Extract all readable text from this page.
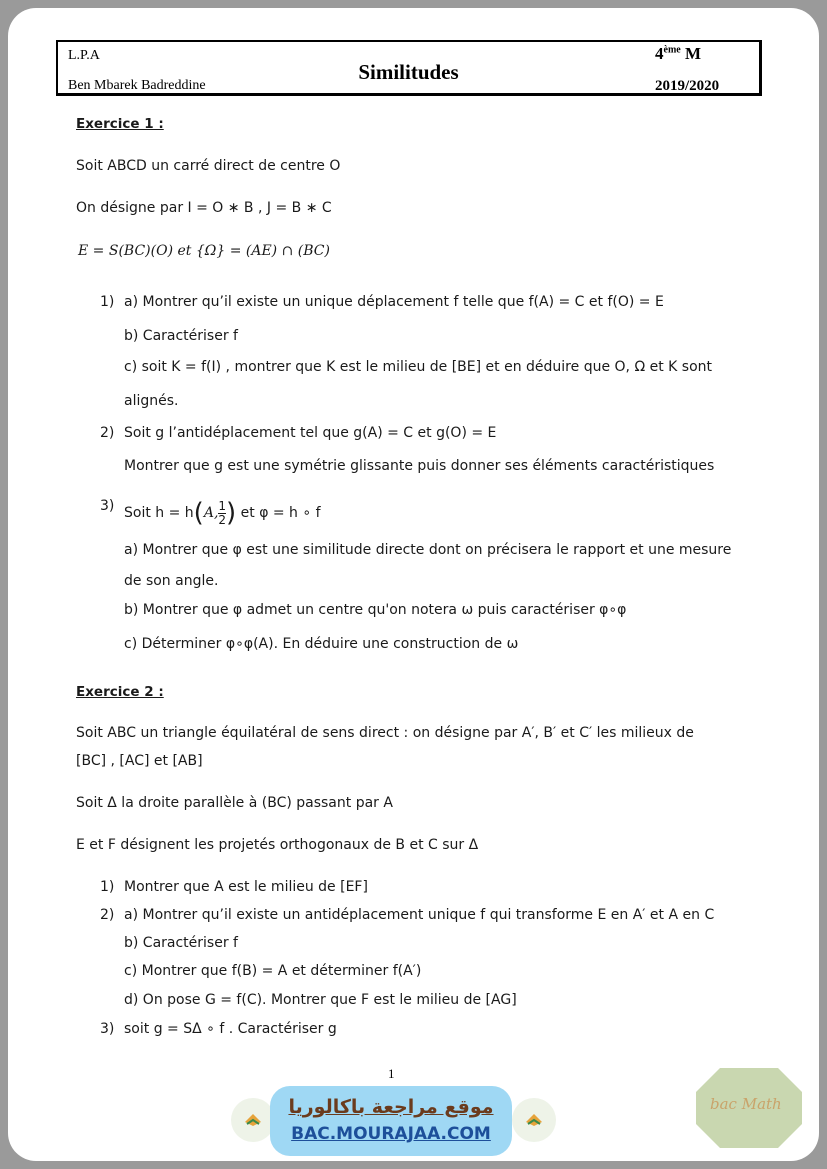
L.P.A
Ben Mbarek Badreddine
Similitudes
4ème M
2019/2020
Exercice 1 :
Soit ABCD un carré direct de centre O
On désigne par I = O ∗ B , J = B ∗ C
E = S(BC)(O) et {Ω} = (AE) ∩ (BC)
1) a) Montrer qu’il existe un unique déplacement f telle que f(A) = C et f(O) = E
b) Caractériser f
c) soit K = f(I) , montrer que K est le milieu de [BE] et en déduire que O, Ω et K sont
alignés.
2) Soit g l’antidéplacement tel que g(A) = C et g(O) = E
Montrer que g est une symétrie glissante puis donner ses éléments caractéristiques
3) Soit h = h(A, $\frac{1}{2}$ ) et φ = h ∘ f
a) Montrer que φ est une similitude directe dont on précisera le rapport et une mesure
de son angle.
b) Montrer que φ admet un centre qu'on notera ω puis caractériser φ∘φ
c) Déterminer φ∘φ(A). En déduire une construction de ω
Exercice 2 :
Soit ABC un triangle équilatéral de sens direct : on désigne par A′, B′ et C′ les milieux de
[BC] , [AC] et [AB]
Soit Δ la droite parallèle à (BC) passant par A
E et F désignent les projetés orthogonaux de B et C sur Δ
1) Montrer que A est le milieu de [EF]
2) a) Montrer qu’il existe un antidéplacement unique f qui transforme E en A′ et A en C
b) Caractériser f
c) Montrer que f(B) = A et déterminer f(A′)
d) On pose G = f(C). Montrer que F est le milieu de [AG]
3) soit g = SΔ ∘ f . Caractériser g
1
موقع مراجعة باكالوريا
BAC.MOURAJAA.COM
bac Math
